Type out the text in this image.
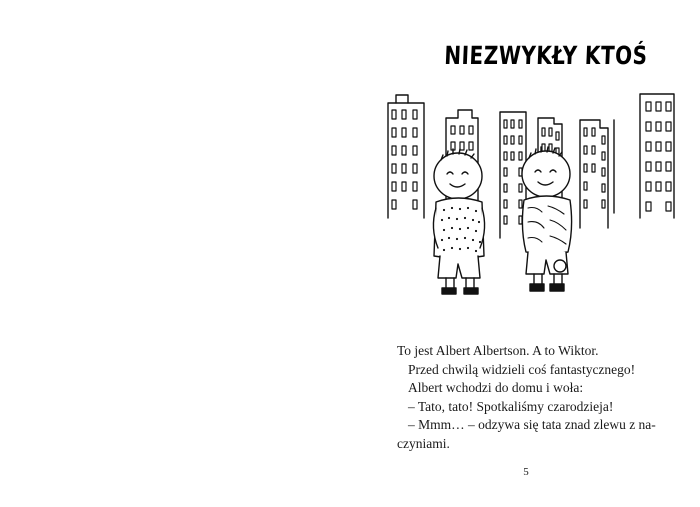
NIEZWYKŁY KTOŚ

To jest Albert Albertson. A to Wiktor.

Przed chwilą widzieli coś fantastycznego!

Albert wchodzi do domu i woła:

– Tato, tato! Spotkaliśmy czarodzieja!

– Mmm… – odzywa się tata znad zlewu z na-

czyniami.

5
